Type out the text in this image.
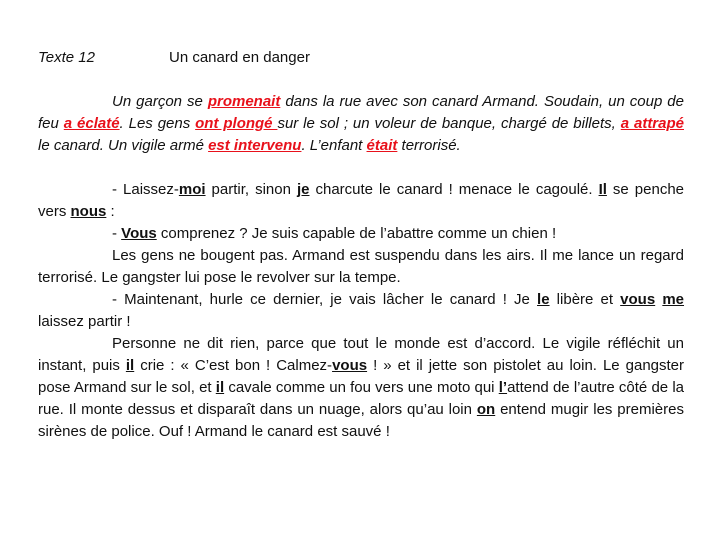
Texte 12	Un canard en danger

Un garçon se promenait dans la rue avec son canard Armand. Soudain, un coup de feu a éclaté. Les gens ont plongé sur le sol ; un voleur de banque, chargé de billets, a attrapé le canard. Un vigile armé est intervenu. L’enfant était terrorisé.

- Laissez-moi partir, sinon je charcute le canard ! menace le cagoulé. Il se penche vers nous :

- Vous comprenez ? Je suis capable de l’abattre comme un chien !

Les gens ne bougent pas. Armand est suspendu dans les airs. Il me lance un regard terrorisé. Le gangster lui pose le revolver sur la tempe.

- Maintenant, hurle ce dernier, je vais lâcher le canard ! Je le libère et vous me laissez partir !

Personne ne dit rien, parce que tout le monde est d’accord. Le vigile réfléchit un instant, puis il crie : « C’est bon ! Calmez-vous ! » et il jette son pistolet au loin. Le gangster pose Armand sur le sol, et il cavale comme un fou vers une moto qui l’attend de l’autre côté de la rue. Il monte dessus et disparaît dans un nuage, alors qu’au loin on entend mugir les premières sirènes de police. Ouf ! Armand le canard est sauvé !
